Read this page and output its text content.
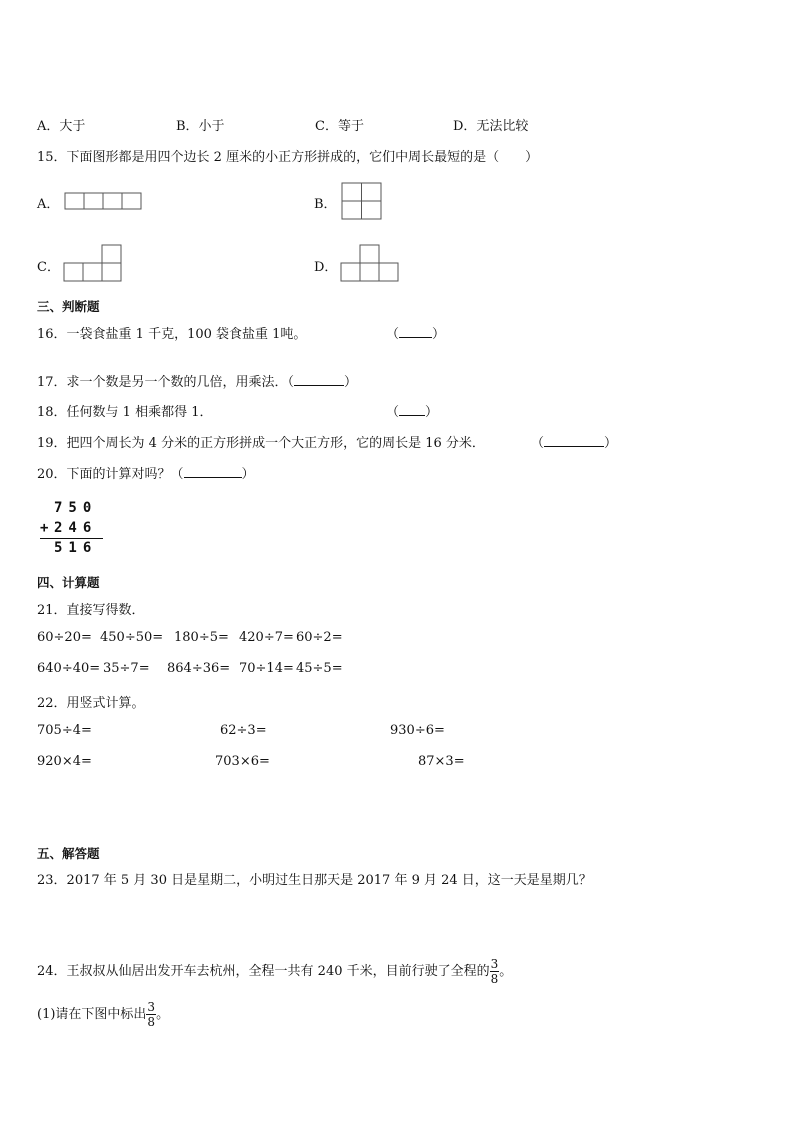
A．大于	B．小于	C．等于	D．无法比较
15．下面图形都是用四个边长 2 厘米的小正方形拼成的，它们中周长最短的是（　　）
A．	B．
C．	D．
三、判断题
16．一袋食盐重 1 千克，100 袋食盐重 1吨。	（	）
17．求一个数是另一个数的几倍，用乘法．（	）
18．任何数与 1 相乘都得 1．	（ ）
19．把四个周长为 4 分米的正方形拼成一个大正方形，它的周长是 16 分米．	（	）
20．下面的计算对吗？（	）
750
+ 246
516
四、计算题
21．直接写得数．
60÷20= 450÷50= 180÷5= 420÷7= 60÷2=
640÷40= 35÷7= 864÷36= 70÷14= 45÷5=
22．用竖式计算。
705÷4=	62÷3=	930÷6=
920×4=	703×6=	87×3=
五、解答题
23．2017 年 5 月 30 日是星期二，小明过生日那天是 2017 年 9 月 24 日，这一天是星期几？
24．王叔叔从仙居出发开车去杭州，全程一共有 240 千米，目前行驶了全程的 $\frac{3}{8}$ 。
(1)请在下图中标出 $\frac{3}{8}$ 。
